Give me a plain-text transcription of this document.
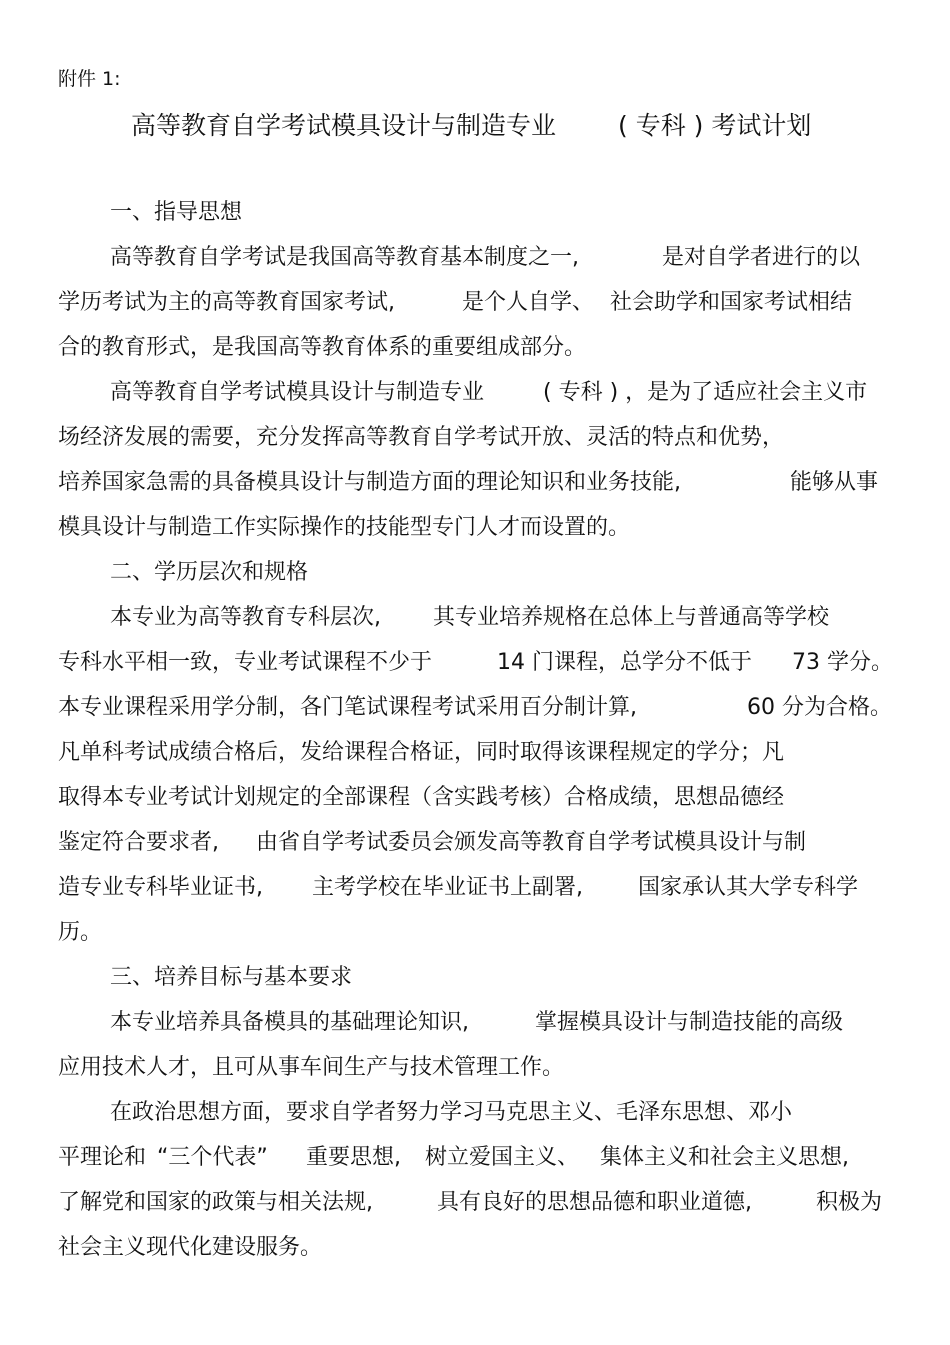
附件 1:
高等教育自学考试模具设计与制造专业 ( 专科 ) 考试计划
一、指导思想
高等教育自学考试是我国高等教育基本制度之一,	是对自学者进行的以
学历考试为主的高等教育国家考试,	是个人自学、 社会助学和国家考试相结
合的教育形式，是我国高等教育体系的重要组成部分。
高等教育自学考试模具设计与制造专业	( 专科 ) ，是为了适应社会主义市
场经济发展的需要，充分发挥高等教育自学考试开放、灵活的特点和优势，
培养国家急需的具备模具设计与制造方面的理论知识和业务技能,	能够从事
模具设计与制造工作实际操作的技能型专门人才而设置的。
二、学历层次和规格
本专业为高等教育专科层次, 其专业培养规格在总体上与普通高等学校
专科水平相一致，专业考试课程不少于	14 门课程，总学分不低于 73 学分。
本专业课程采用学分制，各门笔试课程考试采用百分制计算,	60 分为合格。
凡单科考试成绩合格后，发给课程合格证，同时取得该课程规定的学分；凡
取得本专业考试计划规定的全部课程（含实践考核）合格成绩，思想品德经
鉴定符合要求者, 由省自学考试委员会颁发高等教育自学考试模具设计与制
造专业专科毕业证书, 主考学校在毕业证书上副署,	国家承认其大学专科学
历。
三、培养目标与基本要求
本专业培养具备模具的基础理论知识,	掌握模具设计与制造技能的高级
应用技术人才，且可从事车间生产与技术管理工作。
在政治思想方面，要求自学者努力学习马克思主义、毛泽东思想、邓小
平理论和 “三个代表” 重要思想, 树立爱国主义、 集体主义和社会主义思想,
了解党和国家的政策与相关法规,	具有良好的思想品德和职业道德,	积极为
社会主义现代化建设服务。
